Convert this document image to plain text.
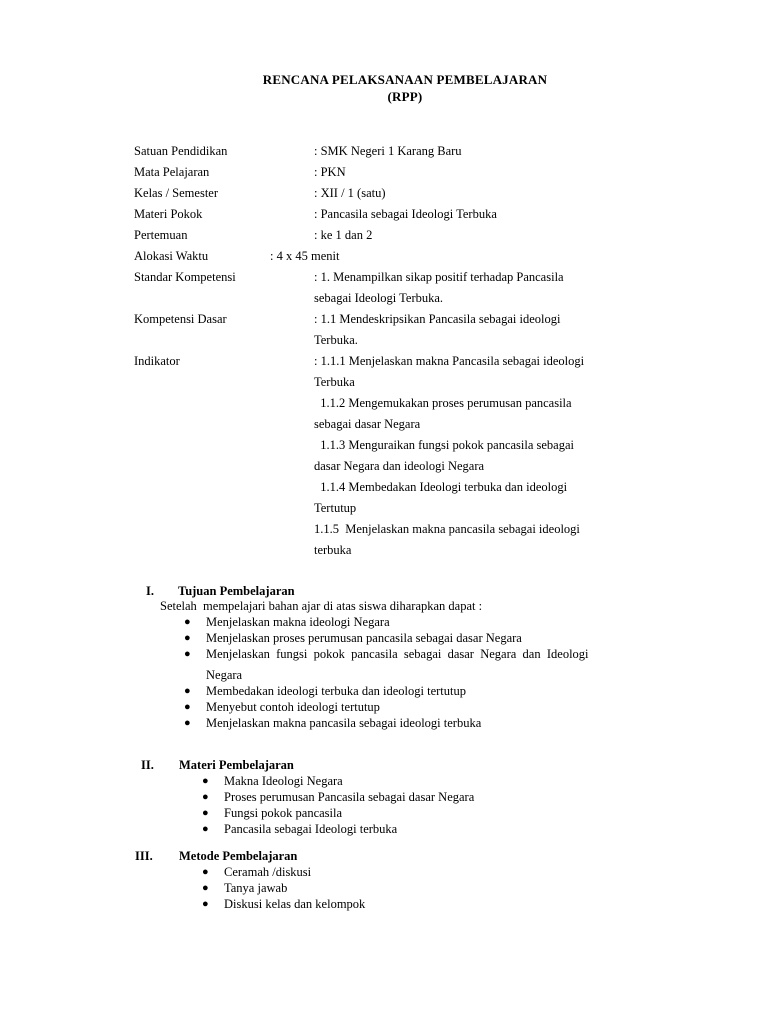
RENCANA PELAKSANAAN PEMBELAJARAN
(RPP)
Satuan Pendidikan	: SMK Negeri 1 Karang Baru
Mata Pelajaran	: PKN
Kelas / Semester	: XII / 1 (satu)
Materi Pokok	: Pancasila sebagai Ideologi Terbuka
Pertemuan	: ke 1 dan 2
Alokasi Waktu	: 4 x 45 menit
Standar Kompetensi	: 1. Menampilkan sikap positif terhadap Pancasila
sebagai Ideologi Terbuka.
Kompetensi Dasar	: 1.1 Mendeskripsikan Pancasila sebagai ideologi
Terbuka.
Indikator	: 1.1.1 Menjelaskan makna Pancasila sebagai ideologi
Terbuka
1.1.2 Mengemukakan proses perumusan pancasila
sebagai dasar Negara
1.1.3 Menguraikan fungsi pokok pancasila sebagai
dasar Negara dan ideologi Negara
1.1.4 Membedakan Ideologi terbuka dan ideologi
Tertutup
1.1.5  Menjelaskan makna pancasila sebagai ideologi
terbuka
I. Tujuan Pembelajaran
Setelah  mempelajari bahan ajar di atas siswa diharapkan dapat :
●	Menjelaskan makna ideologi Negara
●	Menjelaskan proses perumusan pancasila sebagai dasar Negara
●	Menjelaskan  fungsi  pokok  pancasila  sebagai  dasar  Negara  dan  Ideologi
Negara
●	Membedakan ideologi terbuka dan ideologi tertutup
●	Menyebut contoh ideologi tertutup
●	Menjelaskan makna pancasila sebagai ideologi terbuka
II. Materi Pembelajaran
●	Makna Ideologi Negara
●	Proses perumusan Pancasila sebagai dasar Negara
●	Fungsi pokok pancasila
●	Pancasila sebagai Ideologi terbuka
III. Metode Pembelajaran
●	Ceramah /diskusi
●	Tanya jawab
●	Diskusi kelas dan kelompok
